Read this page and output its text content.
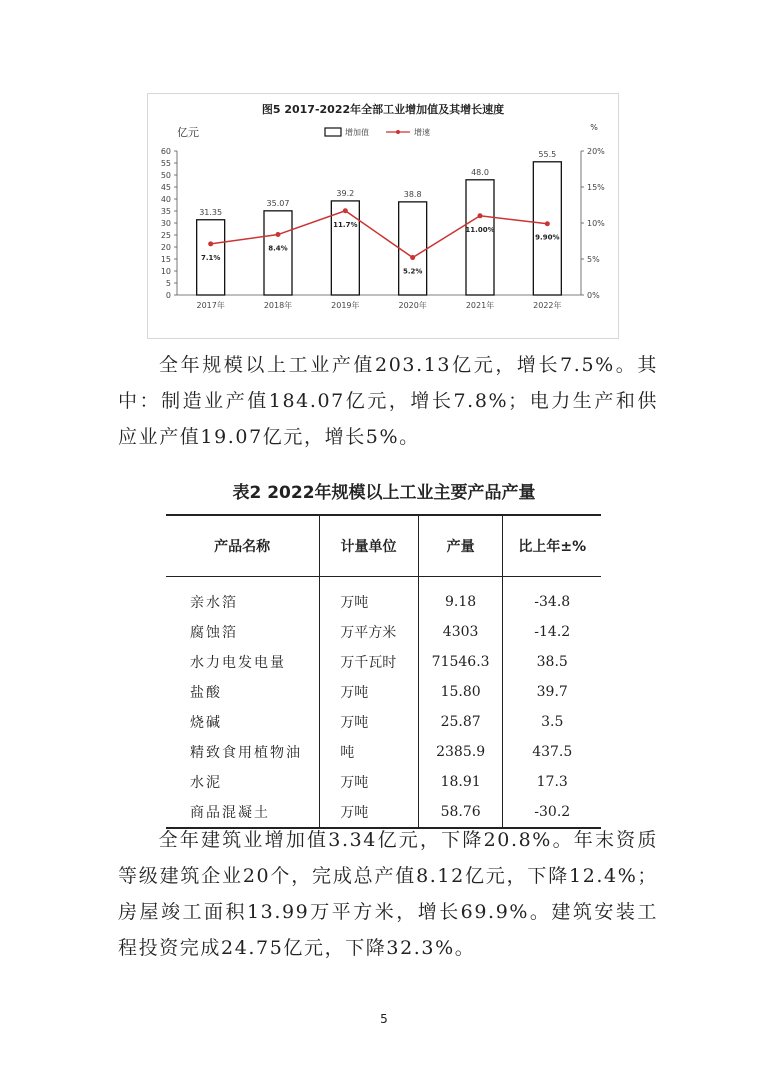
图5 2017-2022年全部工业增加值及其增长速度
亿元	%
增加值	增速
0
5
10
15
20
25
30
35
40
45
50
55
60
0%
5%
10%
15%
20%
31.35
2017年
35.07
2018年
39.2
2019年
38.8
2020年
48.0
2021年
55.5
2022年
7.1%
8.4%
11.7%
5.2%
11.00%
9.90%

全年规模以上工业产值203.13亿元，增长7.5%。其中：制造业产值184.07亿元，增长7.8%；电力生产和供应业产值19.07亿元，增长5%。

表2 2022年规模以上工业主要产品产量
产品名称	计量单位	产量	比上年±%
亲水箔	万吨	9.18	-34.8
腐蚀箔	万平方米	4303	-14.2
水力电发电量	万千瓦时	71546.3	38.5
盐酸	万吨	15.80	39.7
烧碱	万吨	25.87	3.5
精致食用植物油	吨	2385.9	437.5
水泥	万吨	18.91	17.3
商品混凝土	万吨	58.76	-30.2

全年建筑业增加值3.34亿元，下降20.8%。年末资质等级建筑企业20个，完成总产值8.12亿元，下降12.4%；房屋竣工面积13.99万平方米，增长69.9%。建筑安装工程投资完成24.75亿元，下降32.3%。

5
